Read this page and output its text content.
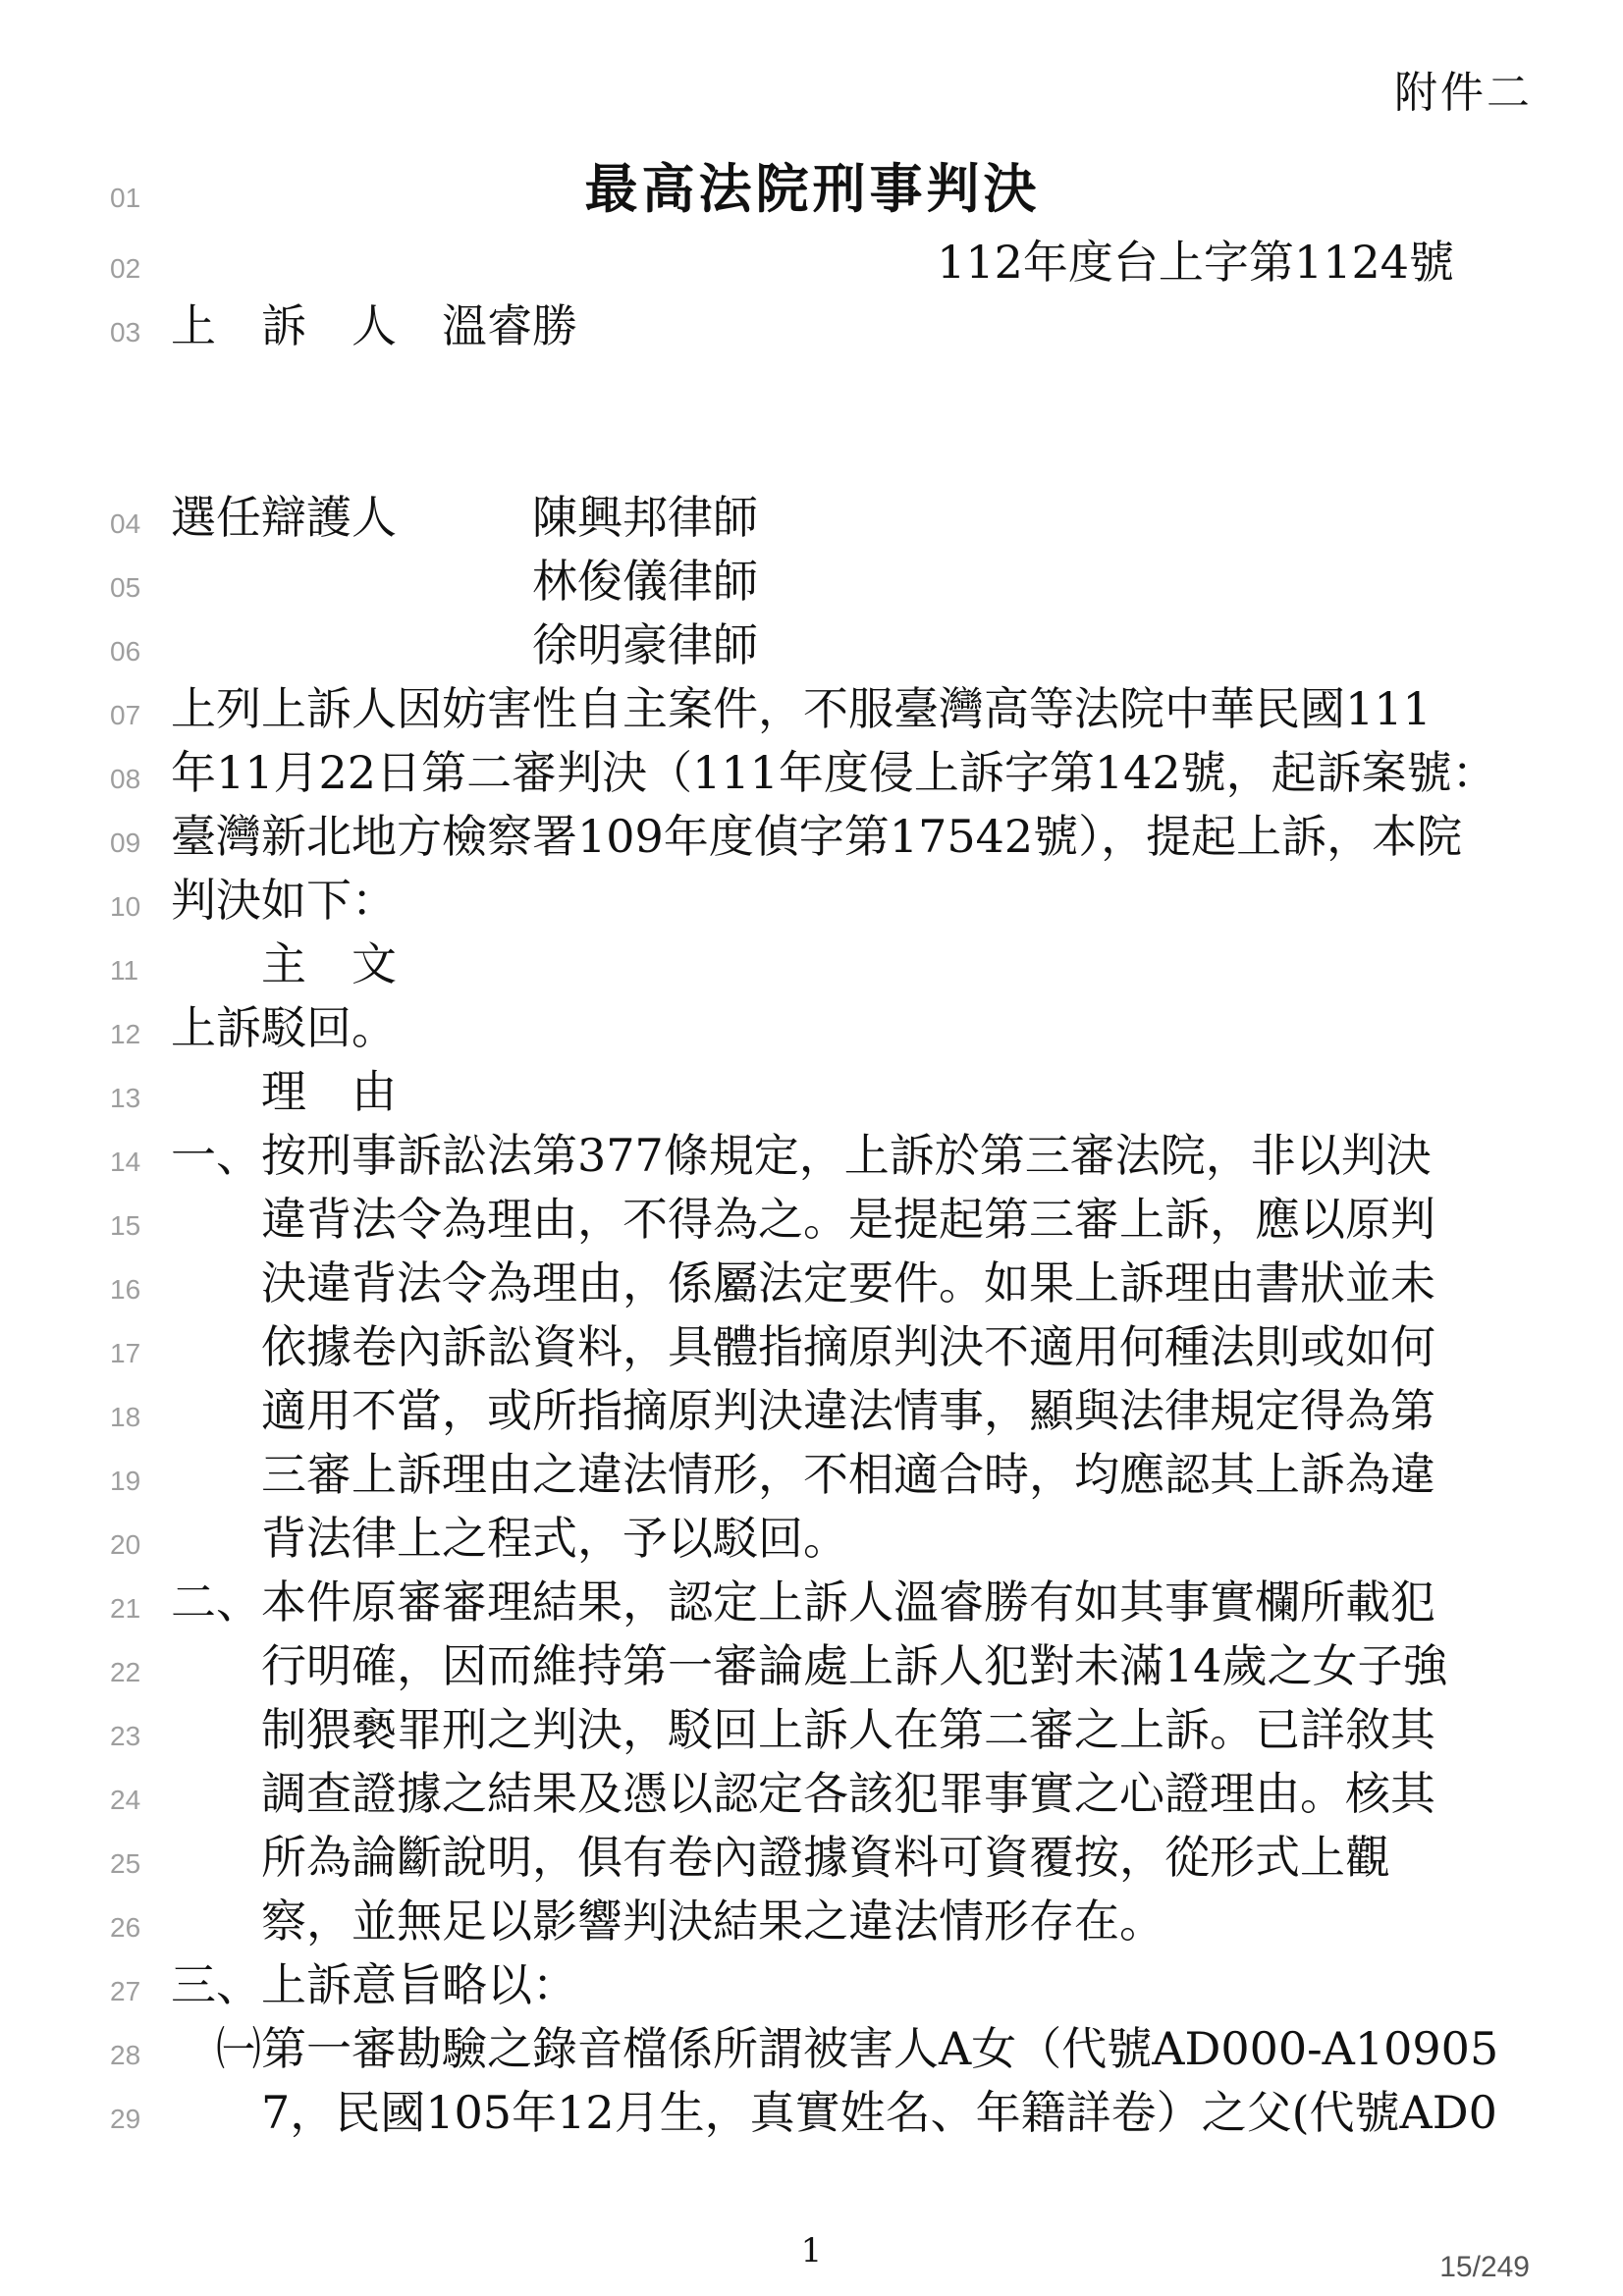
附件二
01	最高法院刑事判決
02	112年度台上字第1124號
03 上　訴　人　溫睿勝
04 選任辯護人　　　陳興邦律師
05	林俊儀律師
06	徐明豪律師
07 上列上訴人因妨害性自主案件，不服臺灣高等法院中華民國111
08 年11月22日第二審判決（111年度侵上訴字第142號，起訴案號：
09 臺灣新北地方檢察署109年度偵字第17542號），提起上訴，本院
10 判決如下：
11	主　文
12 上訴駁回。
13	理　由
14 一、按刑事訴訟法第377條規定，上訴於第三審法院，非以判決
15	違背法令為理由，不得為之。是提起第三審上訴，應以原判
16	決違背法令為理由，係屬法定要件。如果上訴理由書狀並未
17	依據卷內訴訟資料，具體指摘原判決不適用何種法則或如何
18	適用不當，或所指摘原判決違法情事，顯與法律規定得為第
19	三審上訴理由之違法情形，不相適合時，均應認其上訴為違
20	背法律上之程式，予以駁回。
21 二、本件原審審理結果，認定上訴人溫睿勝有如其事實欄所載犯
22	行明確，因而維持第一審論處上訴人犯對未滿14歲之女子強
23	制猥褻罪刑之判決，駁回上訴人在第二審之上訴。已詳敘其
24	調查證據之結果及憑以認定各該犯罪事實之心證理由。核其
25	所為論斷說明，俱有卷內證據資料可資覆按，從形式上觀
26	察，並無足以影響判決結果之違法情形存在。
27 三、上訴意旨略以：
28	㈠第一審勘驗之錄音檔係所謂被害人A女（代號AD000-A10905
29	7，民國105年12月生，真實姓名、年籍詳卷）之父(代號AD0
1	15/249
